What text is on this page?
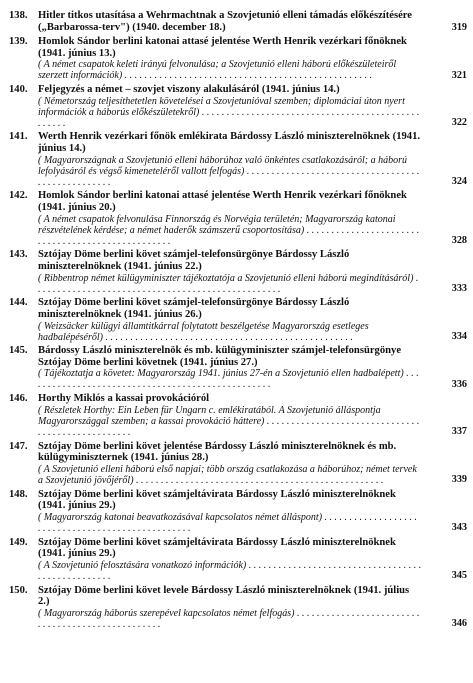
138. Hitler titkos utasítása a Wehrmachtnak a Szovjetunió elleni támadás előkészítésére („Barbarossa-terv") (1940. december 18.)	319
139. Homlok Sándor berlini katonai attasé jelentése Werth Henrik vezérkari főnöknek (1941. június 13.)
( A német csapatok keleti irányú felvonulása; a Szovjetunió elleni háború előkészületeiről szerzett információk) . . .	321
140. Feljegyzés a német – szovjet viszony alakulásáról (1941. június 14.)
( Németország teljesíthetetlen követelései a Szovjetunióval szemben; diplomáciai úton nyert információk a háborús előkészületekről) . . .
322
141. Werth Henrik vezérkari főnök emlékirata Bárdossy László miniszterelnöknek (1941. június 14.)
( Magyarországnak a Szovjetunió elleni háborúhoz való önkéntes csatlakozásáról; a háború lefolyásáról és végső kimeneteléről vallott felfogás) . . .
324
142. Homlok Sándor berlini katonai attasé jelentése Werth Henrik vezérkari főnöknek (1941. június 20.)
( A német csapatok felvonulása Finnország és Norvégia területén; Magyarország katonai részvételének kérdése; a német haderők számszerű csoportosítása) . . .
328
143. Sztójay Döme berlini követ számjel-telefonsürgönye Bárdossy László miniszterelnöknek (1941. június 22.)
( Ribbentrop német külügyminiszter tájékoztatója a Szovjetunió elleni háború megindításáról) . . .
333
144. Sztójay Döme berlini követ számjel-telefonsürgönye Bárdossy László miniszterelnöknek (1941. június 26.)
( Weizsäcker külügyi államtitkárral folytatott beszélgetése Magyarország esetleges hadbalépéséről) . . .	334
145. Bárdossy László miniszterelnök és mb. külügyminiszter számjel-telefonsürgönye Sztójay Döme berlini követnek (1941. június 27.)
( Tájékoztatja a követet: Magyarország 1941. június 27-én a Szovjetunió ellen hadbalépett) . . .
336
146. Horthy Miklós a kassai provokációról
( Részletek Horthy: Ein Leben für Ungarn c. emlékiratából. A Szovjetunió álláspontja Magyarországgal szemben; a kassai provokáció háttere) . . .
337
147. Sztójay Döme berlini követ jelentése Bárdossy László miniszterelnöknek és mb. külügyminiszternek (1941. június 28.)
( A Szovjetunió elleni háború első napjai; több ország csatlakozása a háborúhoz; német tervek a Szovjetunió jövőjéről) . . .	339
148. Sztójay Döme berlini követ számjeltávirata Bárdossy László miniszterelnöknek (1941. június 29.)
( Magyarország katonai beavatkozásával kapcsolatos német álláspont) . . .
343
149. Sztójay Döme berlini követ számjeltávirata Bárdossy László miniszterelnöknek (1941. június 29.)
( A Szovjetunió felosztására vonatkozó információk) . . .
345
150. Sztójay Döme berlini követ levele Bárdossy László miniszterelnöknek (1941. július 2.)
( Magyarország háborús szerepével kapcsolatos német felfogás) . . .
346
